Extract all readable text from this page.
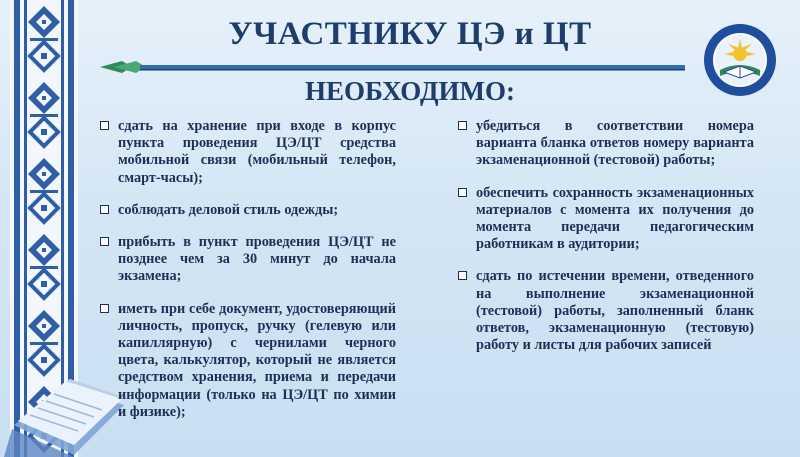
УЧАСТНИКУ ЦЭ и ЦТ
НЕОБХОДИМО:
сдать на хранение при входе в корпус пункта проведения ЦЭ/ЦТ средства мобильной связи (мобильный телефон, смарт-часы);
соблюдать деловой стиль одежды;
прибыть в пункт проведения ЦЭ/ЦТ не позднее чем за 30 минут до начала экзамена;
иметь при себе документ, удостоверяющий личность, пропуск, ручку (гелевую или капиллярную) с чернилами черного цвета, калькулятор, который не является средством хранения, приема и передачи информации (только на ЦЭ/ЦТ по химии и физике);
убедиться в соответствии номера варианта бланка ответов номеру варианта экзаменационной (тестовой) работы;
обеспечить сохранность экзаменационных материалов с момента их получения до момента передачи педагогическим работникам в аудитории;
сдать по истечении времени, отведенного на выполнение экзаменационной (тестовой) работы, заполненный бланк ответов, экзаменационную (тестовую) работу и листы для рабочих записей
